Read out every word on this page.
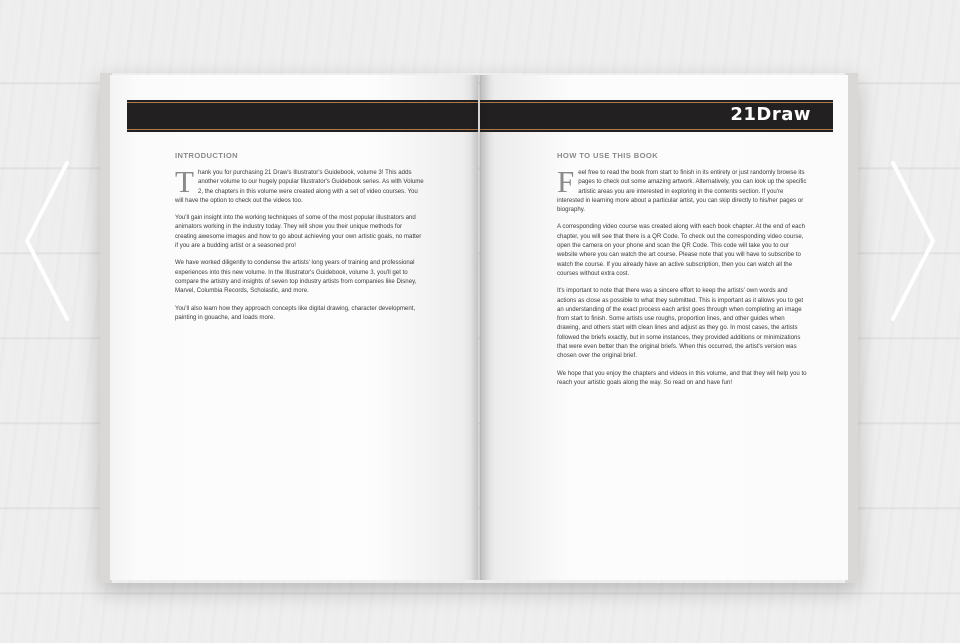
INTRODUCTION

Thank you for purchasing 21 Draw's Illustrator's Guidebook, volume 3! This adds another volume to our hugely popular Illustrator's Guidebook series. As with Volume 2, the chapters in this volume were created along with a set of video courses. You will have the option to check out the videos too.

You'll gain insight into the working techniques of some of the most popular illustrators and animators working in the industry today. They will show you their unique methods for creating awesome images and how to go about achieving your own artistic goals, no matter if you are a budding artist or a seasoned pro!

We have worked diligently to condense the artists' long years of training and professional experiences into this new volume. In the Illustrator's Guidebook, volume 3, you'll get to compare the artistry and insights of seven top industry artists from companies like Disney, Marvel, Columbia Records, Scholastic, and more.

You'll also learn how they approach concepts like digital drawing, character development, painting in gouache, and loads more.

21Draw
HOW TO USE THIS BOOK

Feel free to read the book from start to finish in its entirety or just randomly browse its pages to check out some amazing artwork. Alternatively, you can look up the specific artistic areas you are interested in exploring in the contents section. If you're interested in learning more about a particular artist, you can skip directly to his/her pages or biography.

A corresponding video course was created along with each book chapter. At the end of each chapter, you will see that there is a QR Code. To check out the corresponding video course, open the camera on your phone and scan the QR Code. This code will take you to our website where you can watch the art course. Please note that you will have to subscribe to watch the course. If you already have an active subscription, then you can watch all the courses without extra cost.

It's important to note that there was a sincere effort to keep the artists' own words and actions as close as possible to what they submitted. This is important as it allows you to get an understanding of the exact process each artist goes through when completing an image from start to finish. Some artists use roughs, proportion lines, and other guides when drawing, and others start with clean lines and adjust as they go. In most cases, the artists followed the briefs exactly, but in some instances, they provided additions or minimizations that were even better than the original briefs. When this occurred, the artist's version was chosen over the original brief.

We hope that you enjoy the chapters and videos in this volume, and that they will help you to reach your artistic goals along the way. So read on and have fun!
